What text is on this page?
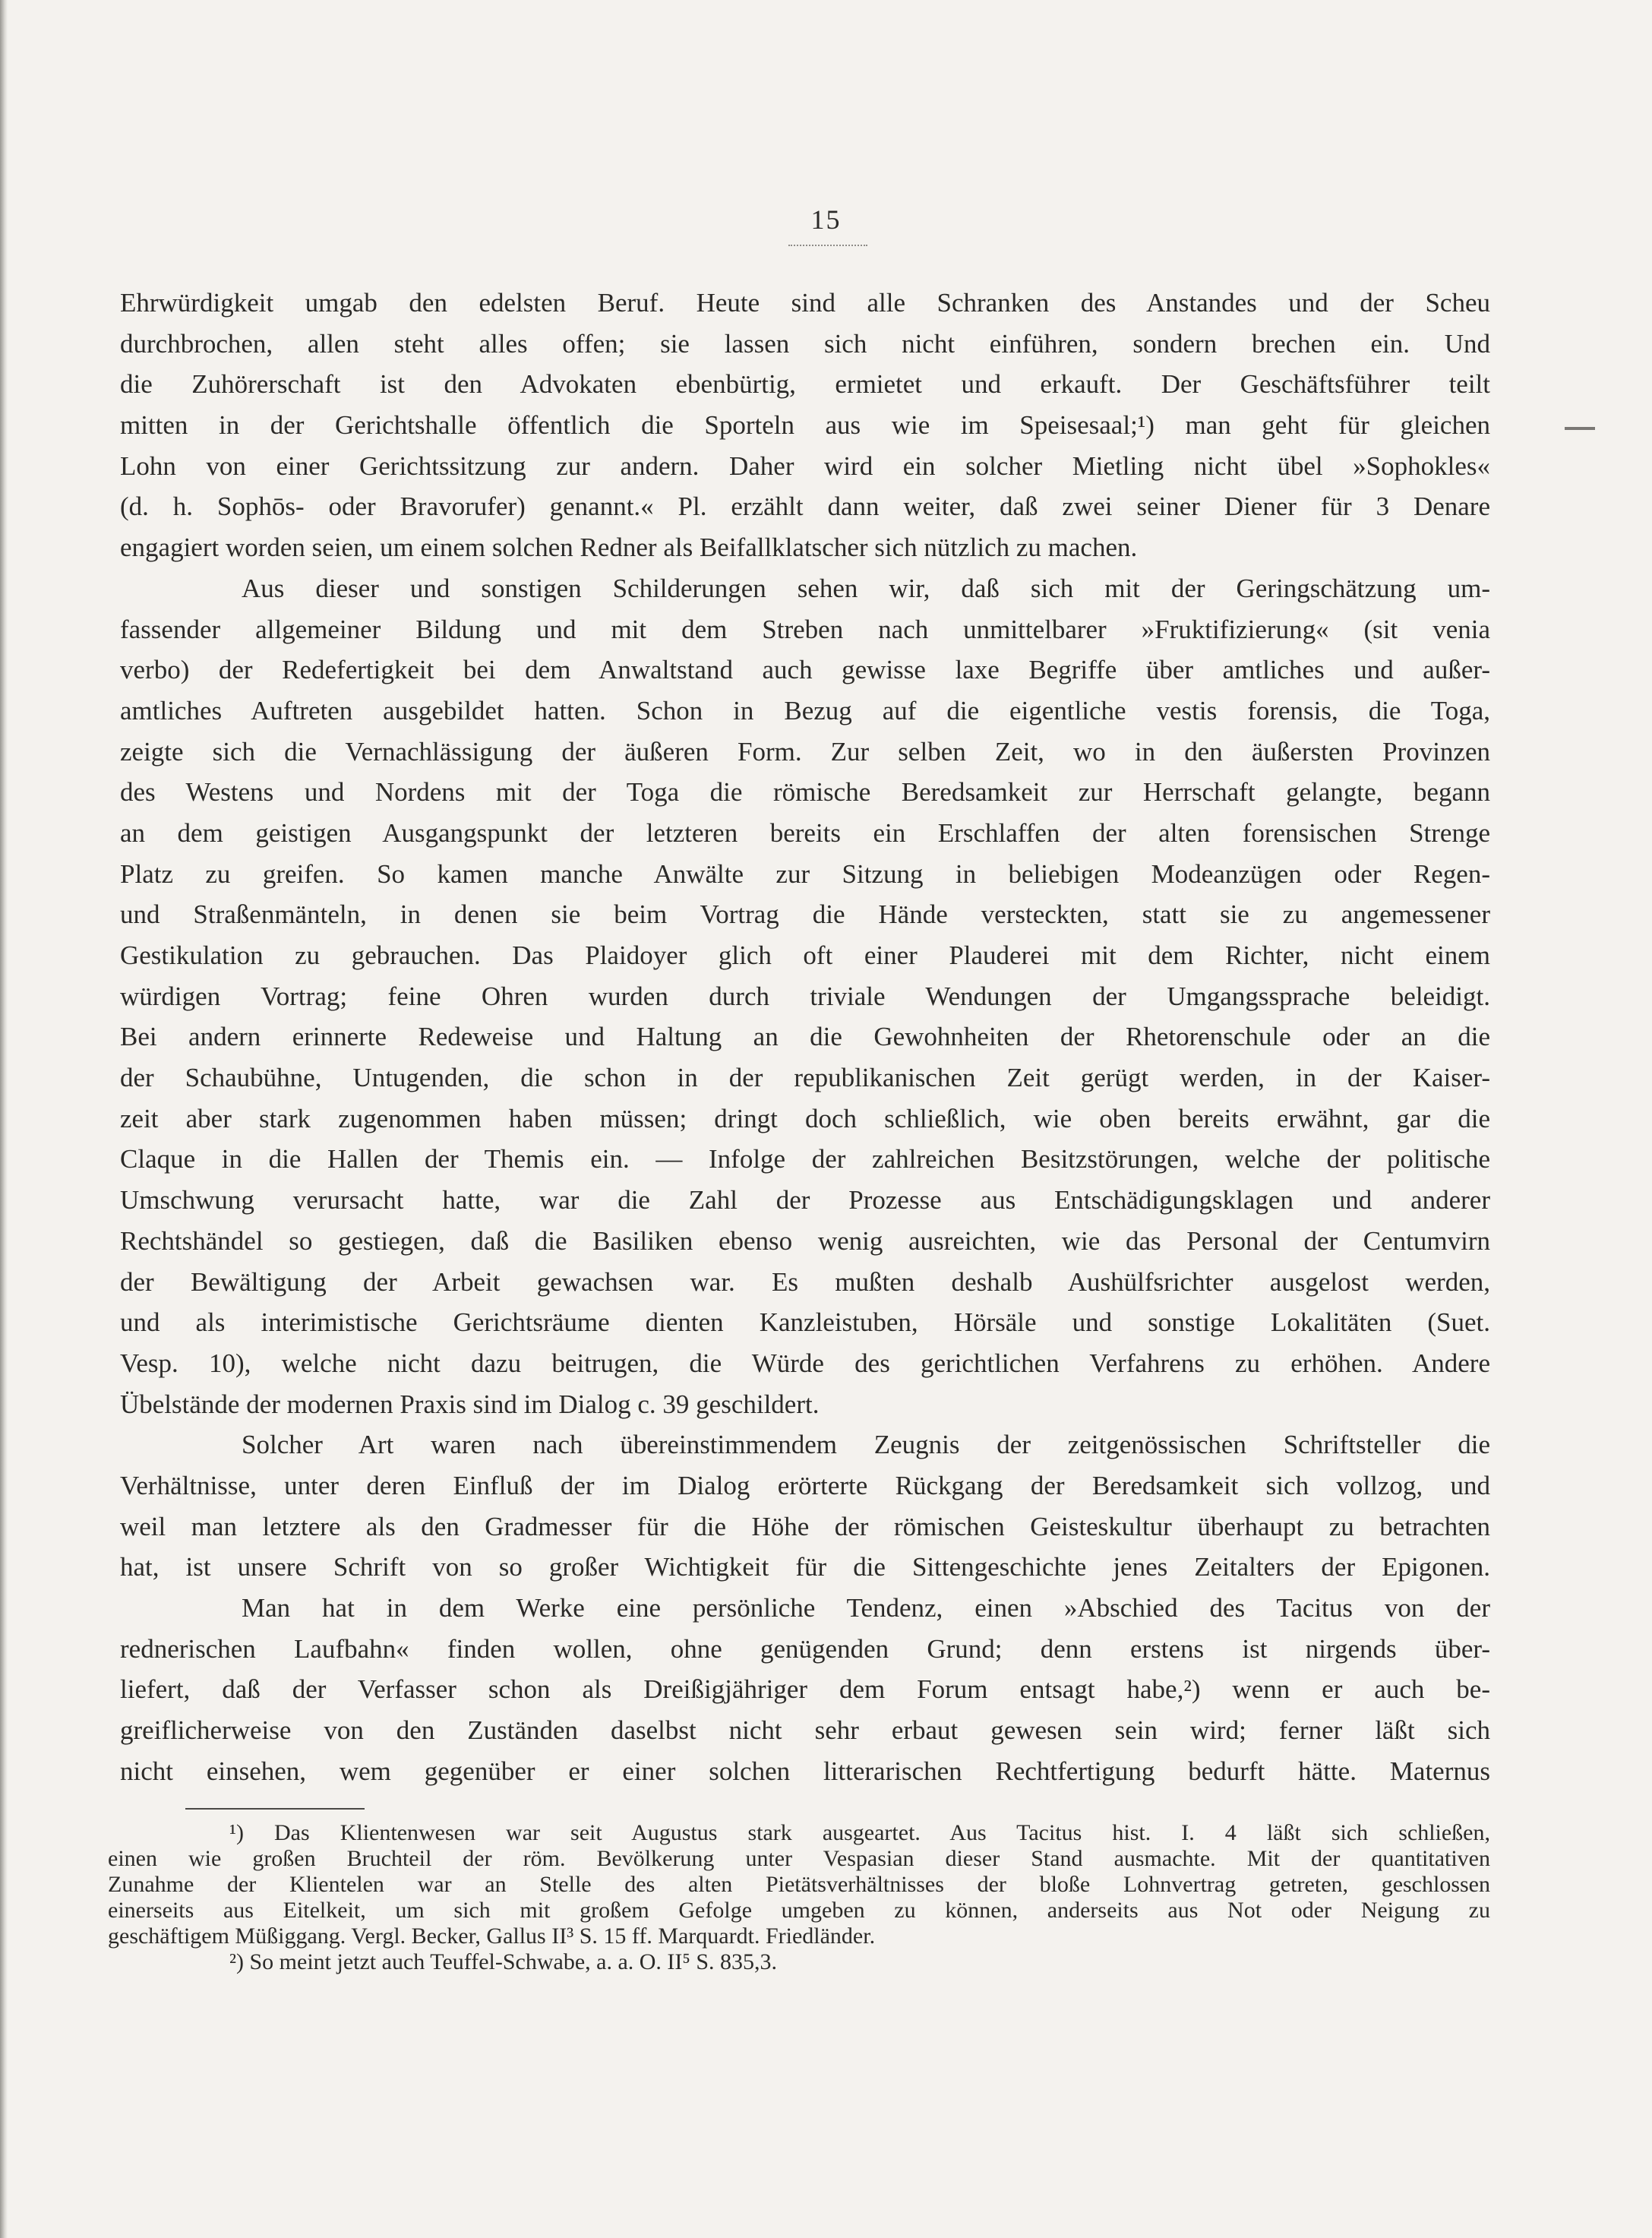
15
Ehrwürdigkeit umgab den edelsten Beruf. Heute sind alle Schranken des Anstandes und der Scheu
durchbrochen, allen steht alles offen; sie lassen sich nicht einführen, sondern brechen ein. Und
die Zuhörerschaft ist den Advokaten ebenbürtig, ermietet und erkauft. Der Geschäftsführer teilt
mitten in der Gerichtshalle öffentlich die Sporteln aus wie im Speisesaal;¹) man geht für gleichen
Lohn von einer Gerichtssitzung zur andern. Daher wird ein solcher Mietling nicht übel »Sophokles«
(d. h. Sophōs- oder Bravorufer) genannt.« Pl. erzählt dann weiter, daß zwei seiner Diener für 3 Denare
engagiert worden seien, um einem solchen Redner als Beifallklatscher sich nützlich zu machen.
Aus dieser und sonstigen Schilderungen sehen wir, daß sich mit der Geringschätzung um-
fassender allgemeiner Bildung und mit dem Streben nach unmittelbarer »Fruktifizierung« (sit venia
verbo) der Redefertigkeit bei dem Anwaltstand auch gewisse laxe Begriffe über amtliches und außer-
amtliches Auftreten ausgebildet hatten. Schon in Bezug auf die eigentliche vestis forensis, die Toga,
zeigte sich die Vernachlässigung der äußeren Form. Zur selben Zeit, wo in den äußersten Provinzen
des Westens und Nordens mit der Toga die römische Beredsamkeit zur Herrschaft gelangte, begann
an dem geistigen Ausgangspunkt der letzteren bereits ein Erschlaffen der alten forensischen Strenge
Platz zu greifen. So kamen manche Anwälte zur Sitzung in beliebigen Modeanzügen oder Regen-
und Straßenmänteln, in denen sie beim Vortrag die Hände versteckten, statt sie zu angemessener
Gestikulation zu gebrauchen. Das Plaidoyer glich oft einer Plauderei mit dem Richter, nicht einem
würdigen Vortrag; feine Ohren wurden durch triviale Wendungen der Umgangssprache beleidigt.
Bei andern erinnerte Redeweise und Haltung an die Gewohnheiten der Rhetorenschule oder an die
der Schaubühne, Untugenden, die schon in der republikanischen Zeit gerügt werden, in der Kaiser-
zeit aber stark zugenommen haben müssen; dringt doch schließlich, wie oben bereits erwähnt, gar die
Claque in die Hallen der Themis ein. — Infolge der zahlreichen Besitzstörungen, welche der politische
Umschwung verursacht hatte, war die Zahl der Prozesse aus Entschädigungsklagen und anderer
Rechtshändel so gestiegen, daß die Basiliken ebenso wenig ausreichten, wie das Personal der Centumvirn
der Bewältigung der Arbeit gewachsen war. Es mußten deshalb Aushülfsrichter ausgelost werden,
und als interimistische Gerichtsräume dienten Kanzleistuben, Hörsäle und sonstige Lokalitäten (Suet.
Vesp. 10), welche nicht dazu beitrugen, die Würde des gerichtlichen Verfahrens zu erhöhen. Andere
Übelstände der modernen Praxis sind im Dialog c. 39 geschildert.
Solcher Art waren nach übereinstimmendem Zeugnis der zeitgenössischen Schriftsteller die
Verhältnisse, unter deren Einfluß der im Dialog erörterte Rückgang der Beredsamkeit sich vollzog, und
weil man letztere als den Gradmesser für die Höhe der römischen Geisteskultur überhaupt zu betrachten
hat, ist unsere Schrift von so großer Wichtigkeit für die Sittengeschichte jenes Zeitalters der Epigonen.
Man hat in dem Werke eine persönliche Tendenz, einen »Abschied des Tacitus von der
rednerischen Laufbahn« finden wollen, ohne genügenden Grund; denn erstens ist nirgends über-
liefert, daß der Verfasser schon als Dreißigjähriger dem Forum entsagt habe,²) wenn er auch be-
greiflicherweise von den Zuständen daselbst nicht sehr erbaut gewesen sein wird; ferner läßt sich
nicht einsehen, wem gegenüber er einer solchen litterarischen Rechtfertigung bedurft hätte. Maternus
¹) Das Klientenwesen war seit Augustus stark ausgeartet. Aus Tacitus hist. I. 4 läßt sich schließen,
einen wie großen Bruchteil der röm. Bevölkerung unter Vespasian dieser Stand ausmachte. Mit der quantitativen
Zunahme der Klientelen war an Stelle des alten Pietätsverhältnisses der bloße Lohnvertrag getreten, geschlossen
einerseits aus Eitelkeit, um sich mit großem Gefolge umgeben zu können, anderseits aus Not oder Neigung zu
geschäftigem Müßiggang. Vergl. Becker, Gallus II³ S. 15 ff. Marquardt. Friedländer.
²) So meint jetzt auch Teuffel-Schwabe, a. a. O. II⁵ S. 835,3.
